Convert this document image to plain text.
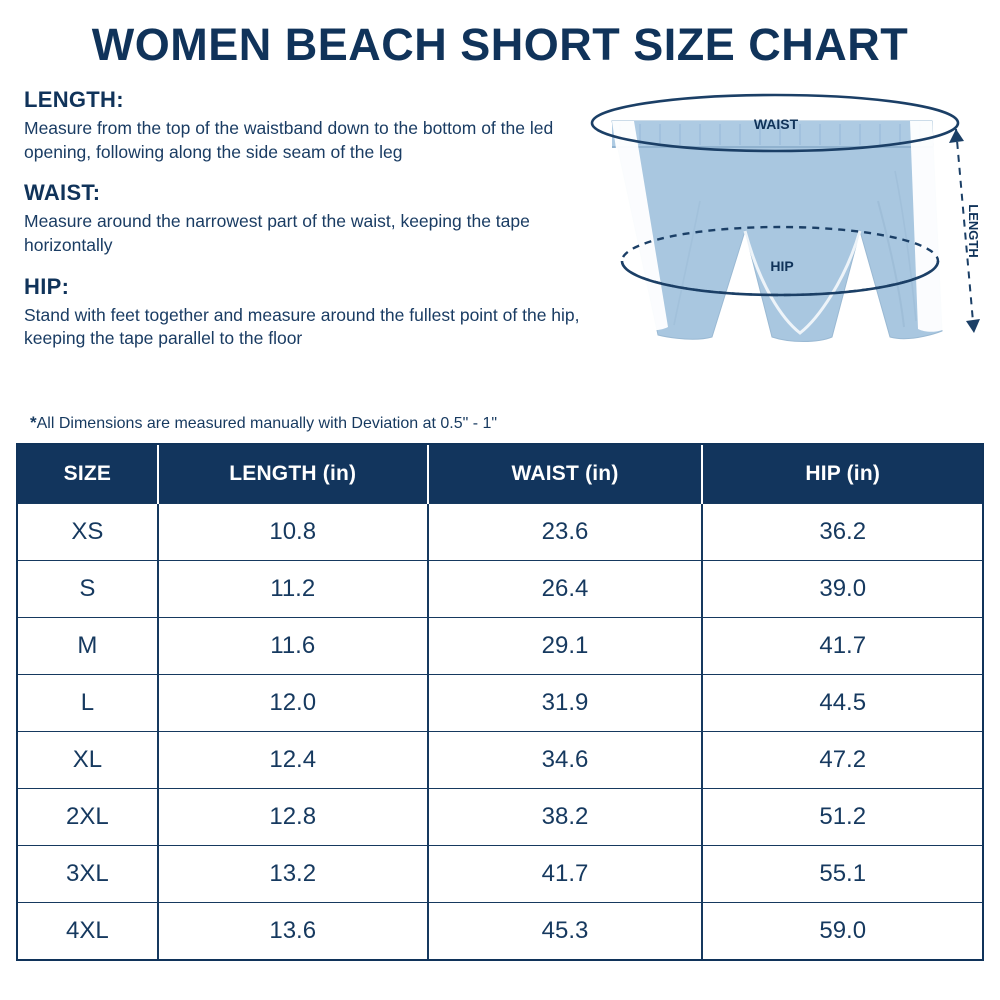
WOMEN BEACH SHORT SIZE CHART
LENGTH:
Measure from the top of the waistband down to the bottom of the led opening, following along the side seam of the leg
WAIST:
Measure around the narrowest part of the waist, keeping the tape horizontally
HIP:
Stand with feet together and measure around the fullest point of the hip, keeping the tape parallel to the floor
WAIST
HIP
LENGTH
*All Dimensions are measured manually with Deviation at 0.5" - 1"
SIZE	LENGTH (in)	WAIST (in)	HIP (in)
XS	10.8	23.6	36.2
S	11.2	26.4	39.0
M	11.6	29.1	41.7
L	12.0	31.9	44.5
XL	12.4	34.6	47.2
2XL	12.8	38.2	51.2
3XL	13.2	41.7	55.1
4XL	13.6	45.3	59.0
